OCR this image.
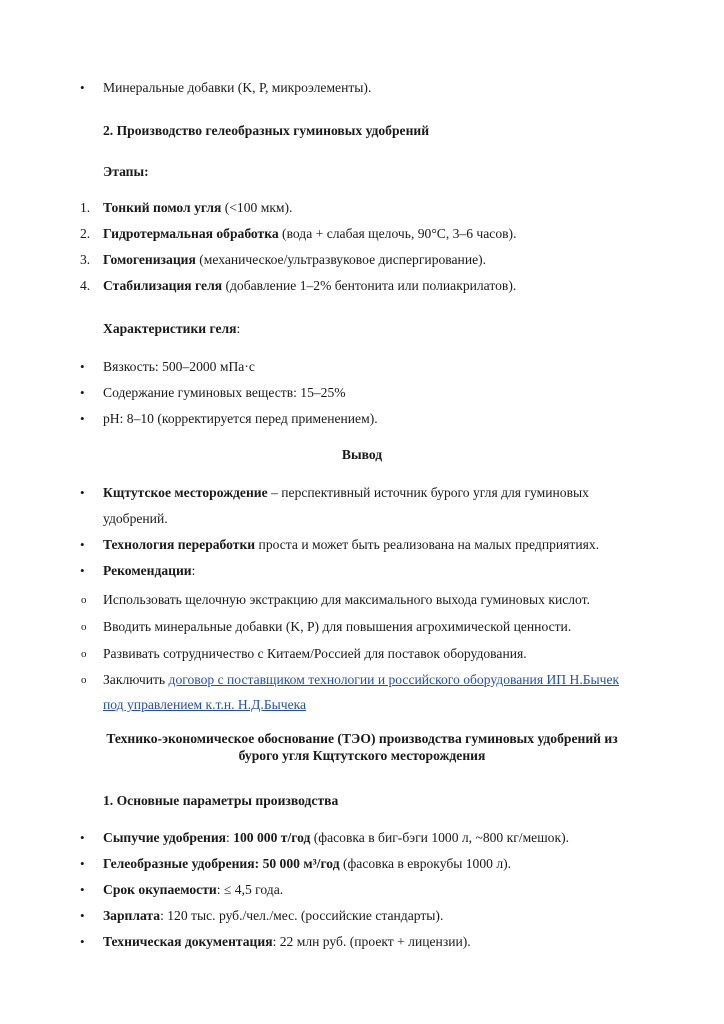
• Минеральные добавки (K, P, микроэлементы).
2. Производство гелеобразных гуминовых удобрений
Этапы:
1. Тонкий помол угля (<100 мкм).
2. Гидротермальная обработка (вода + слабая щелочь, 90°C, 3–6 часов).
3. Гомогенизация (механическое/ультразвуковое диспергирование).
4. Стабилизация геля (добавление 1–2% бентонита или полиакрилатов).
Характеристики геля:
• Вязкость: 500–2000 мПа·с
• Содержание гуминовых веществ: 15–25%
• pH: 8–10 (корректируется перед применением).
Вывод
• Кщтутское месторождение – перспективный источник бурого угля для гуминовых
удобрений.
• Технология переработки проста и может быть реализована на малых предприятиях.
• Рекомендации:
o Использовать щелочную экстракцию для максимального выхода гуминовых кислот.
o Вводить минеральные добавки (K, P) для повышения агрохимической ценности.
o Развивать сотрудничество с Китаем/Россией для поставок оборудования.
o Заключить договор с поставщиком технологии и российского оборудования ИП Н.Бычек
под управлением к.т.н. Н.Д.Бычека
Технико-экономическое обоснование (ТЭО) производства гуминовых удобрений из
бурого угля Кщтутского месторождения
1. Основные параметры производства
• Сыпучие удобрения: 100 000 т/год (фасовка в биг-бэги 1000 л, ~800 кг/мешок).
• Гелеобразные удобрения: 50 000 м³/год (фасовка в еврокубы 1000 л).
• Срок окупаемости: ≤ 4,5 года.
• Зарплата: 120 тыс. руб./чел./мес. (российские стандарты).
• Техническая документация: 22 млн руб. (проект + лицензии).
